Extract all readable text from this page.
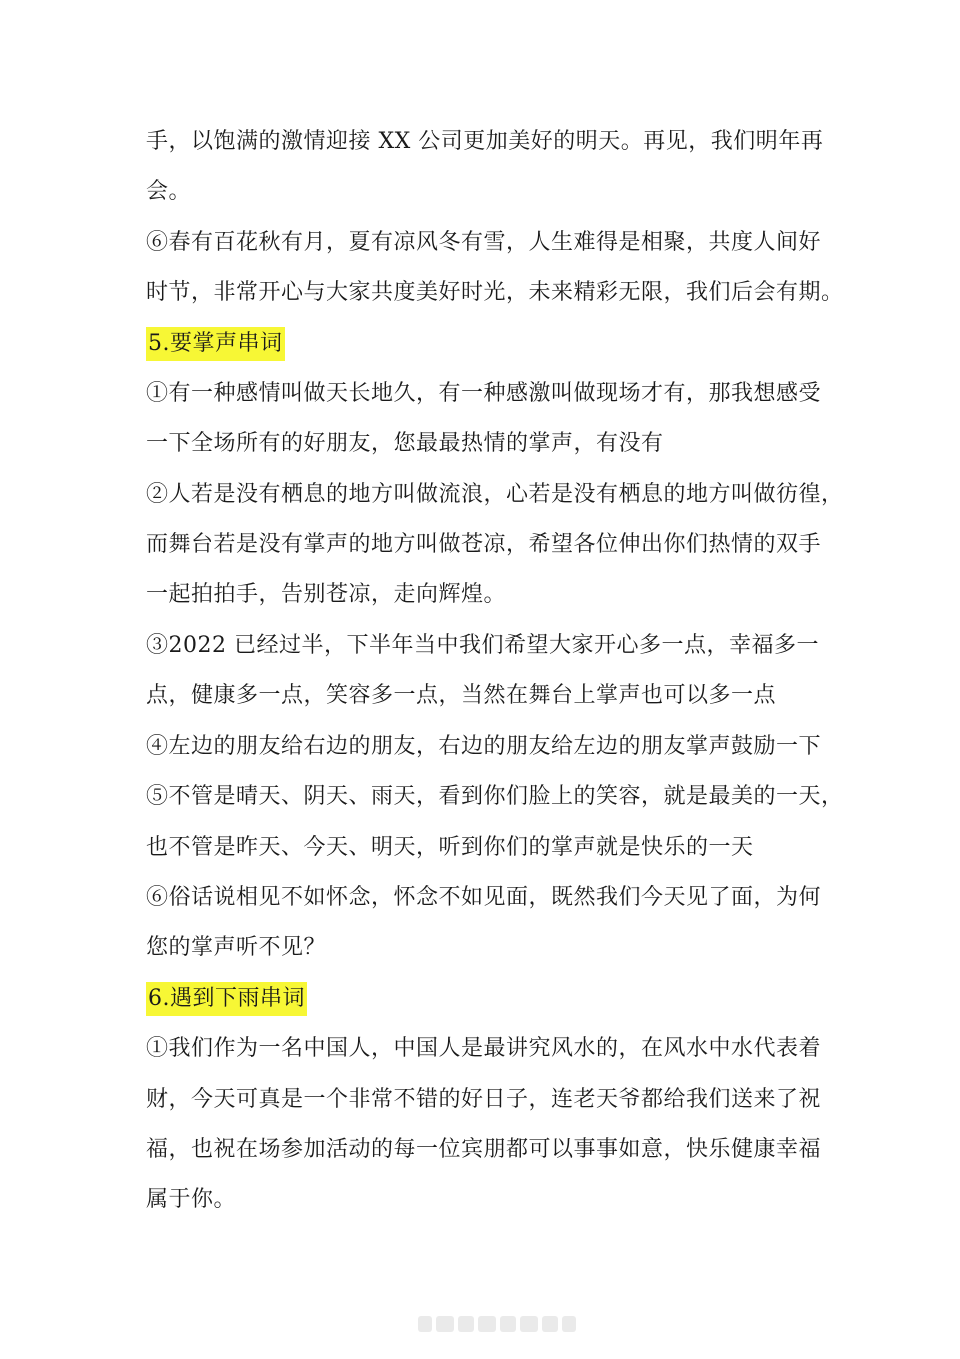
手，以饱满的激情迎接 XX 公司更加美好的明天。再见，我们明年再
会。
⑥春有百花秋有月，夏有凉风冬有雪，人生难得是相聚，共度人间好
时节，非常开心与大家共度美好时光，未来精彩无限，我们后会有期。
5.要掌声串词
①有一种感情叫做天长地久，有一种感激叫做现场才有，那我想感受
一下全场所有的好朋友，您最最热情的掌声，有没有
②人若是没有栖息的地方叫做流浪，心若是没有栖息的地方叫做彷徨，
而舞台若是没有掌声的地方叫做苍凉，希望各位伸出你们热情的双手
一起拍拍手，告别苍凉，走向辉煌。
③2022 已经过半，下半年当中我们希望大家开心多一点，幸福多一
点，健康多一点，笑容多一点，当然在舞台上掌声也可以多一点
④左边的朋友给右边的朋友，右边的朋友给左边的朋友掌声鼓励一下
⑤不管是晴天、阴天、雨天，看到你们脸上的笑容，就是最美的一天，
也不管是昨天、今天、明天，听到你们的掌声就是快乐的一天
⑥俗话说相见不如怀念，怀念不如见面，既然我们今天见了面，为何
您的掌声听不见？
6.遇到下雨串词
①我们作为一名中国人，中国人是最讲究风水的，在风水中水代表着
财，今天可真是一个非常不错的好日子，连老天爷都给我们送来了祝
福，也祝在场参加活动的每一位宾朋都可以事事如意，快乐健康幸福
属于你。
